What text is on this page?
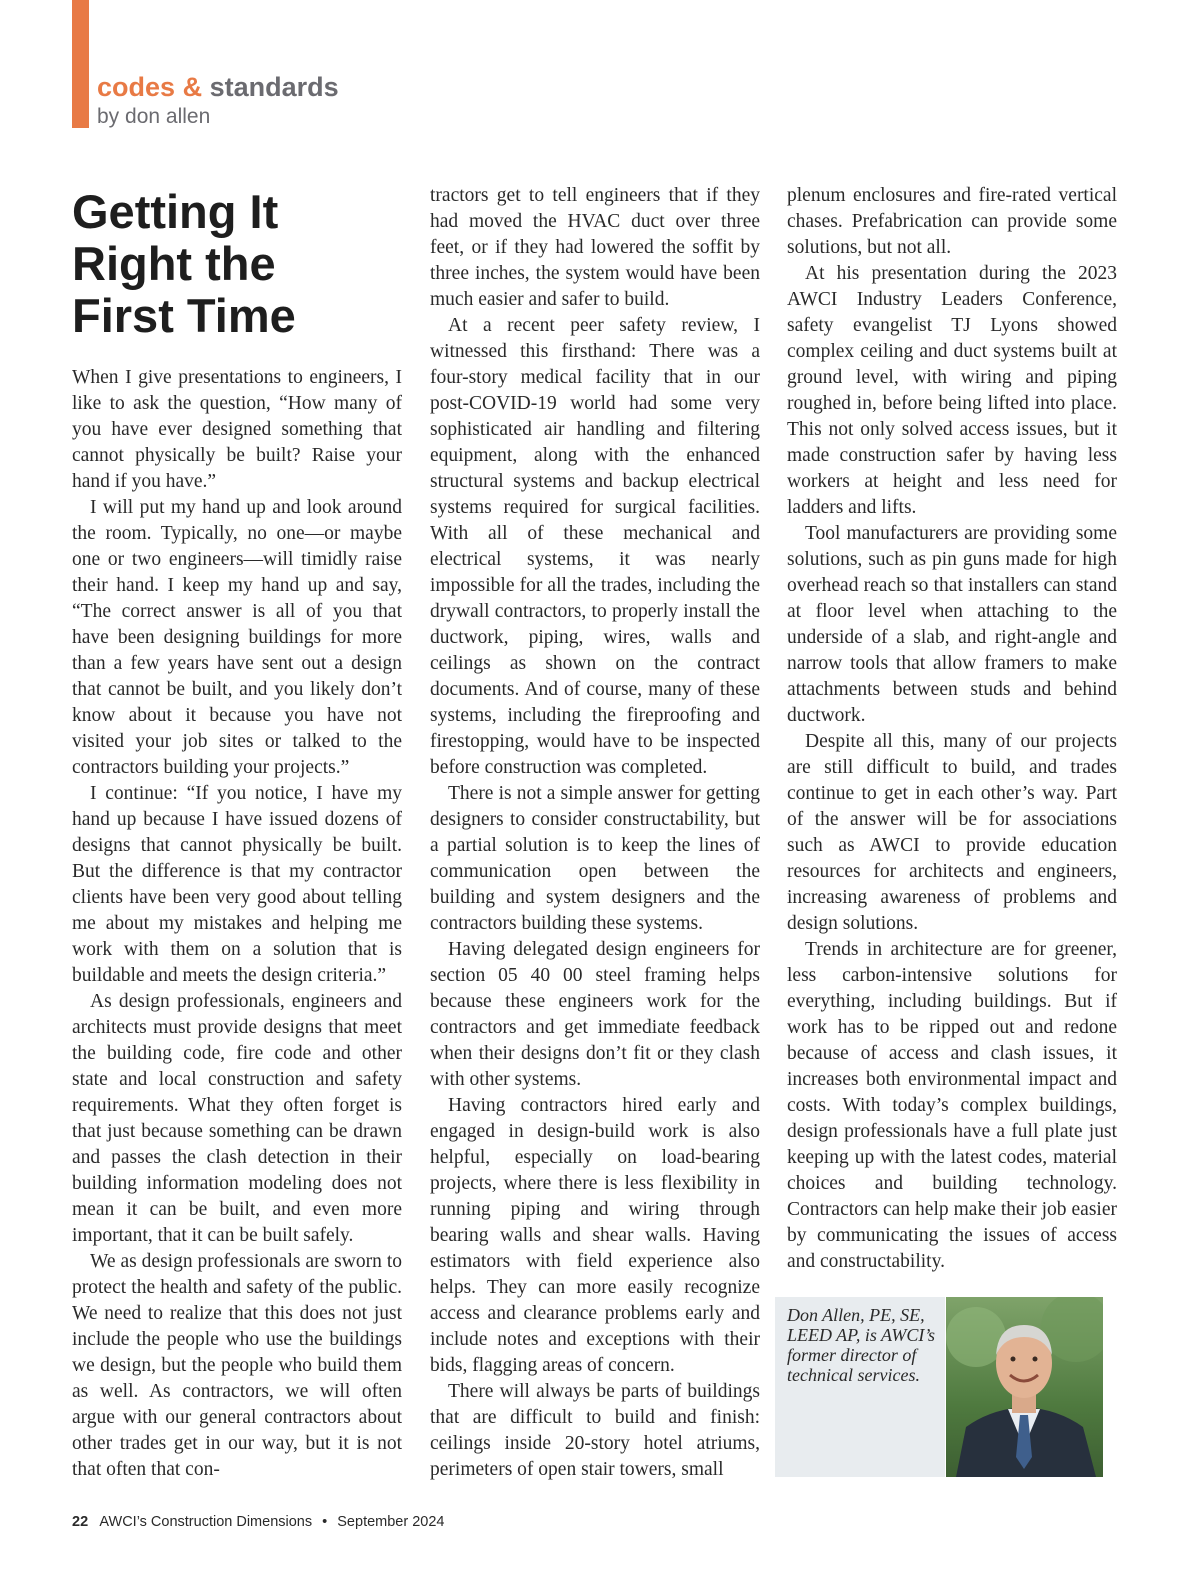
codes & standards
by don allen
Getting It
Right the
First Time

When I give presentations to engineers, I like to ask the question, “How many of you have ever designed something that cannot physically be built? Raise your hand if you have.”

I will put my hand up and look around the room. Typically, no one—or maybe one or two engineers—will timidly raise their hand. I keep my hand up and say, “The correct answer is all of you that have been designing buildings for more than a few years have sent out a design that cannot be built, and you likely don’t know about it because you have not visited your job sites or talked to the contractors building your projects.”

I continue: “If you notice, I have my hand up because I have issued dozens of designs that cannot physically be built. But the difference is that my contractor clients have been very good about telling me about my mistakes and helping me work with them on a solution that is buildable and meets the design criteria.”

As design professionals, engineers and architects must provide designs that meet the building code, fire code and other state and local construction and safety requirements. What they often forget is that just because something can be drawn and passes the clash detection in their building information modeling does not mean it can be built, and even more important, that it can be built safely.

We as design professionals are sworn to protect the health and safety of the public. We need to realize that this does not just include the people who use the buildings we design, but the people who build them as well. As contractors, we will often argue with our general contractors about other trades get in our way, but it is not that often that con-

tractors get to tell engineers that if they had moved the HVAC duct over three feet, or if they had lowered the soffit by three inches, the system would have been much easier and safer to build.

At a recent peer safety review, I witnessed this firsthand: There was a four-story medical facility that in our post-COVID-19 world had some very sophisticated air handling and filtering equipment, along with the enhanced structural systems and backup electrical systems required for surgical facilities. With all of these mechanical and electrical systems, it was nearly impossible for all the trades, including the drywall contractors, to properly install the ductwork, piping, wires, walls and ceilings as shown on the contract documents. And of course, many of these systems, including the fireproofing and firestopping, would have to be inspected before construction was completed.

There is not a simple answer for getting designers to consider constructability, but a partial solution is to keep the lines of communication open between the building and system designers and the contractors building these systems.

Having delegated design engineers for section 05 40 00 steel framing helps because these engineers work for the contractors and get immediate feedback when their designs don’t fit or they clash with other systems.

Having contractors hired early and engaged in design-build work is also helpful, especially on load-bearing projects, where there is less flexibility in running piping and wiring through bearing walls and shear walls. Having estimators with field experience also helps. They can more easily recognize access and clearance problems early and include notes and exceptions with their bids, flagging areas of concern.

There will always be parts of buildings that are difficult to build and finish: ceilings inside 20-story hotel atriums, perimeters of open stair towers, small

plenum enclosures and fire-rated vertical chases. Prefabrication can provide some solutions, but not all.

At his presentation during the 2023 AWCI Industry Leaders Conference, safety evangelist TJ Lyons showed complex ceiling and duct systems built at ground level, with wiring and piping roughed in, before being lifted into place. This not only solved access issues, but it made construction safer by having less workers at height and less need for ladders and lifts.

Tool manufacturers are providing some solutions, such as pin guns made for high overhead reach so that installers can stand at floor level when attaching to the underside of a slab, and right-angle and narrow tools that allow framers to make attachments between studs and behind ductwork.

Despite all this, many of our projects are still difficult to build, and trades continue to get in each other’s way. Part of the answer will be for associations such as AWCI to provide education resources for architects and engineers, increasing awareness of problems and design solutions.

Trends in architecture are for greener, less carbon-intensive solutions for everything, including buildings. But if work has to be ripped out and redone because of access and clash issues, it increases both environmental impact and costs. With today’s complex buildings, design professionals have a full plate just keeping up with the latest codes, material choices and building technology. Contractors can help make their job easier by communicating the issues of access and constructability.

Don Allen, PE, SE, LEED AP, is AWCI’s former director of technical services.
22 AWCI’s Construction Dimensions • September 2024
